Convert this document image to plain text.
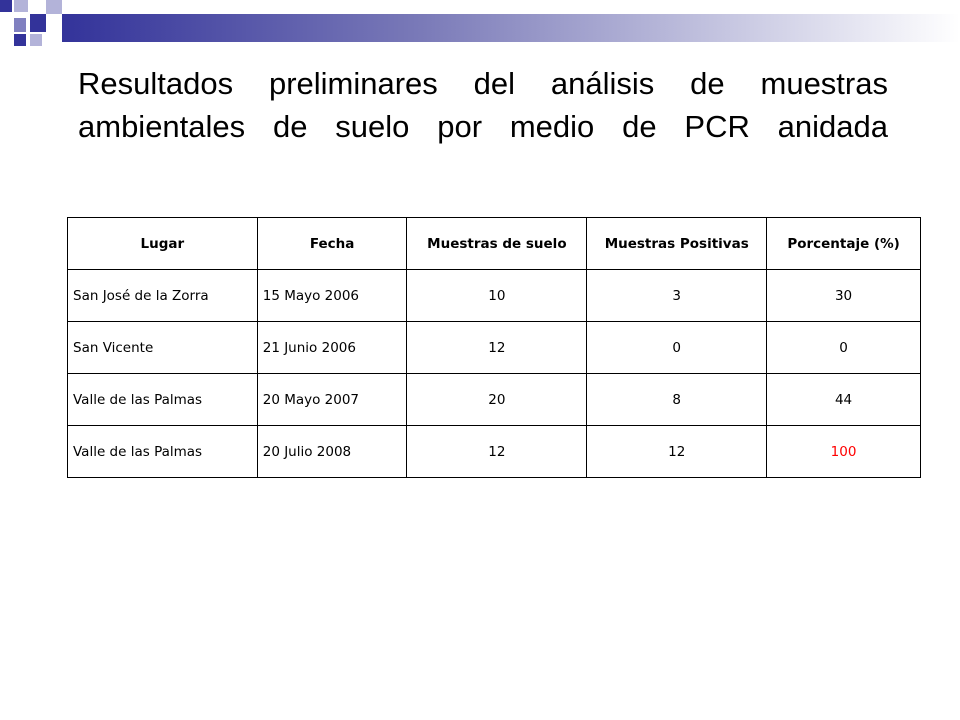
Resultados preliminares del análisis de muestras ambientales de suelo por medio de PCR anidada
Lugar	Fecha	Muestras de suelo	Muestras Positivas	Porcentaje (%)
San José de la Zorra	15 Mayo 2006	10	3	30
San Vicente	21 Junio 2006	12	0	0
Valle de las Palmas	20 Mayo 2007	20	8	44
Valle de las Palmas	20 Julio 2008	12	12	100
